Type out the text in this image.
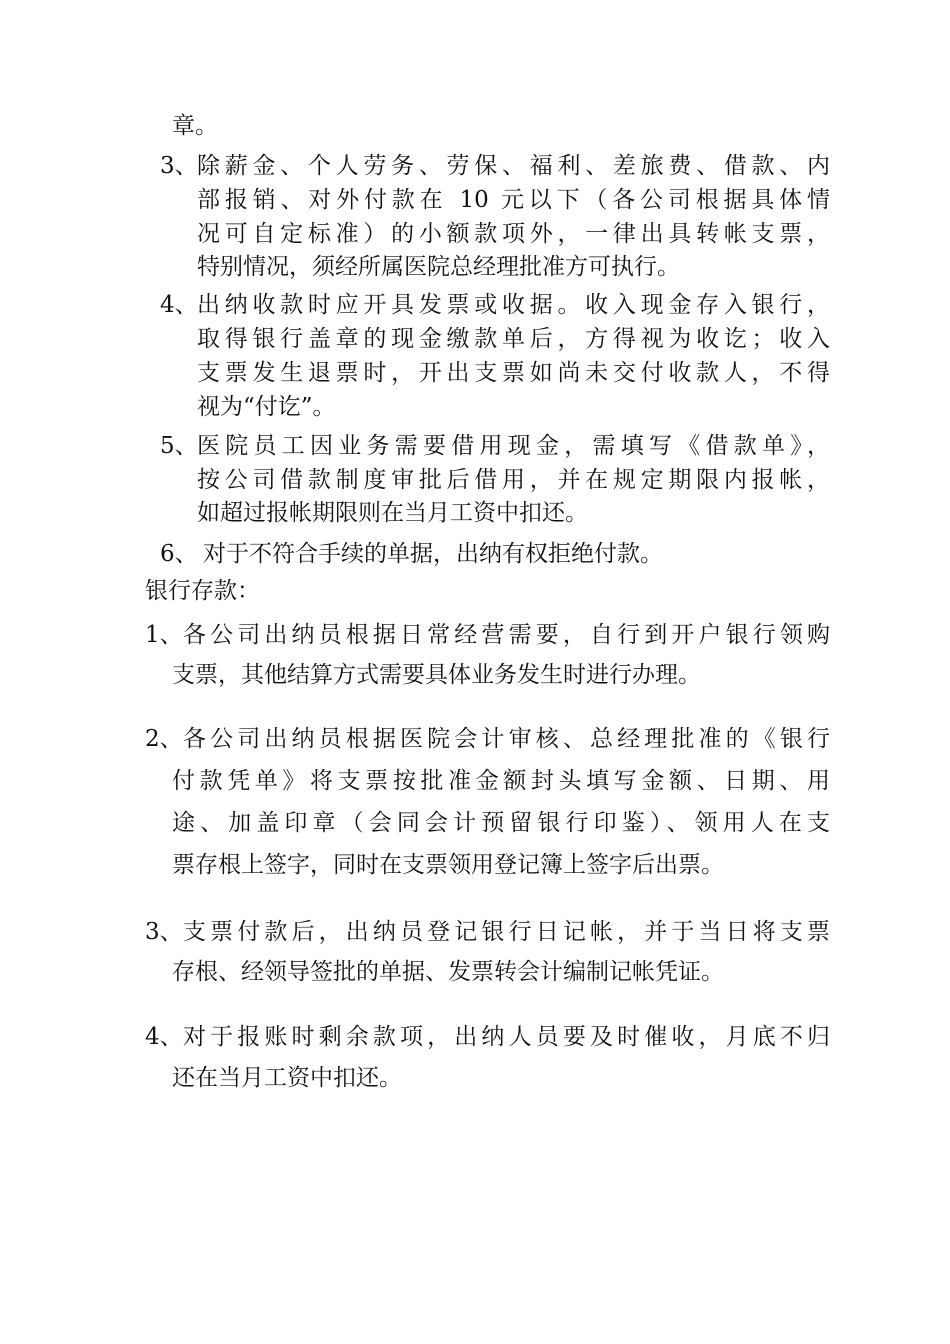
章。
3、 除薪金、个人劳务、劳保、福利、差旅费、借款、内
部报销、对外付款在 10 元以下（各公司根据具体情
况可自定标准）的小额款项外，一律出具转帐支票，
特别情况，须经所属医院总经理批准方可执行。
4、 出纳收款时应开具发票或收据。收入现金存入银行，
取得银行盖章的现金缴款单后，方得视为收讫；收入
支票发生退票时，开出支票如尚未交付收款人，不得
视为“付讫”。
5、 医院员工因业务需要借用现金，需填写《借款单》，
按公司借款制度审批后借用，并在规定期限内报帐，
如超过报帐期限则在当月工资中扣还。
6、 对于不符合手续的单据，出纳有权拒绝付款。
银行存款：
1、 各公司出纳员根据日常经营需要，自行到开户银行领购
支票，其他结算方式需要具体业务发生时进行办理。
2、 各公司出纳员根据医院会计审核、总经理批准的《银行
付款凭单》将支票按批准金额封头填写金额、日期、用
途、加盖印章（会同会计预留银行印鉴）、领用人在支
票存根上签字，同时在支票领用登记簿上签字后出票。
3、 支票付款后，出纳员登记银行日记帐，并于当日将支票
存根、经领导签批的单据、发票转会计编制记帐凭证。
4、 对于报账时剩余款项，出纳人员要及时催收，月底不归
还在当月工资中扣还。
